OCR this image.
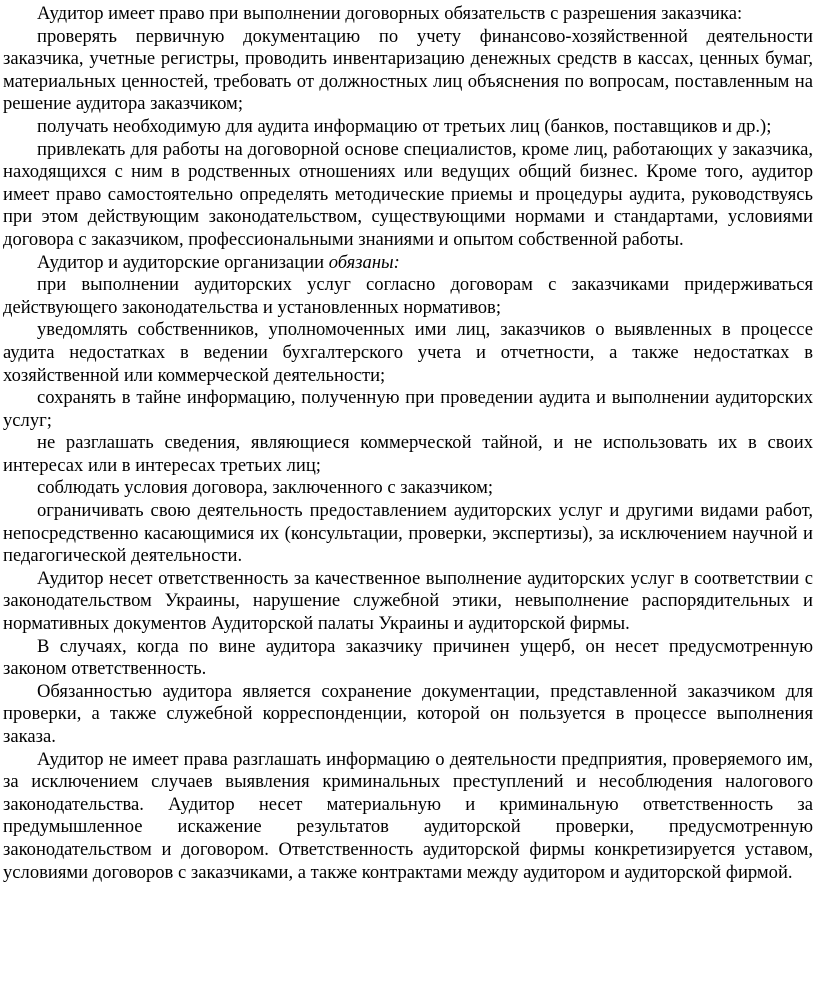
Аудитор имеет право при выполнении договорных обязательств с разрешения заказчика:

проверять первичную документацию по учету финансово-хозяйственной деятельности заказчика, учетные регистры, проводить инвентаризацию денежных средств в кассах, ценных бумаг, материальных ценностей, требовать от должностных лиц объяснения по вопросам, поставленным на решение аудитора заказчиком;

получать необходимую для аудита информацию от третьих лиц (банков, поставщиков и др.);

привлекать для работы на договорной основе специалистов, кроме лиц, работающих у заказчика, находящихся с ним в родственных отношениях или ведущих общий бизнес. Кроме того, аудитор имеет право самостоятельно определять методические приемы и процедуры аудита, руководствуясь при этом действующим законодательством, существующими нормами и стандартами, условиями договора с заказчиком, профессиональными знаниями и опытом собственной работы.

Аудитор и аудиторские организации обязаны:

при выполнении аудиторских услуг согласно договорам с заказчиками придерживаться действующего законодательства и установленных нормативов;

уведомлять собственников, уполномоченных ими лиц, заказчиков о выявленных в процессе аудита недостатках в ведении бухгалтерского учета и отчетности, а также недостатках в хозяйственной или коммерческой деятельности;

сохранять в тайне информацию, полученную при проведении аудита и выполнении аудиторских услуг;

не разглашать сведения, являющиеся коммерческой тайной, и не использовать их в своих интересах или в интересах третьих лиц;

соблюдать условия договора, заключенного с заказчиком;

ограничивать свою деятельность предоставлением аудиторских услуг и другими видами работ, непосредственно касающимися их (консультации, проверки, экспертизы), за исключением научной и педагогической деятельности.

Аудитор несет ответственность за качественное выполнение аудиторских услуг в соответствии с законодательством Украины, нарушение служебной этики, невыполнение распорядительных и нормативных документов Аудиторской палаты Украины и аудиторской фирмы.

В случаях, когда по вине аудитора заказчику причинен ущерб, он несет предусмотренную законом ответственность.

Обязанностью аудитора является сохранение документации, представленной заказчиком для проверки, а также служебной корреспонденции, которой он пользуется в процессе выполнения заказа.

Аудитор не имеет права разглашать информацию о деятельности предприятия, проверяемого им, за исключением случаев выявления криминальных преступлений и несоблюдения налогового законодательства. Аудитор несет материальную и криминальную ответственность за предумышленное искажение результатов аудиторской проверки, предусмотренную законодательством и договором. Ответственность аудиторской фирмы конкретизируется уставом, условиями договоров с заказчиками, а также контрактами между аудитором и аудиторской фирмой.
